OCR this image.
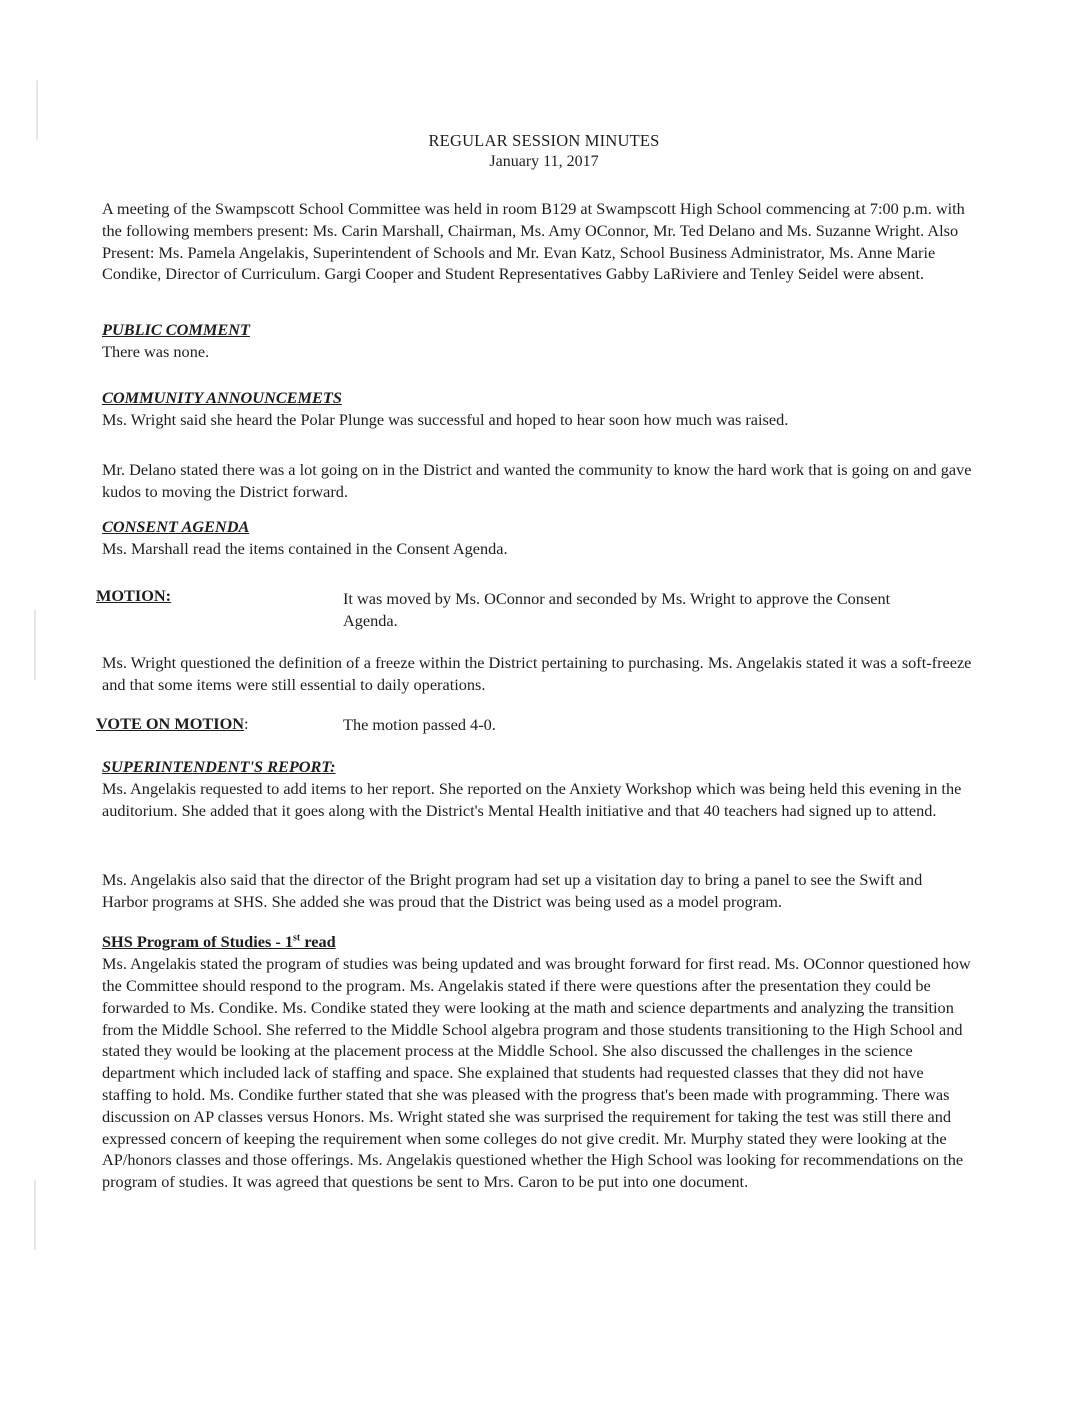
REGULAR SESSION MINUTES
January 11, 2017

A meeting of the Swampscott School Committee was held in room B129 at Swampscott High School commencing at 7:00 p.m. with the following members present: Ms. Carin Marshall, Chairman, Ms. Amy OConnor, Mr. Ted Delano and Ms. Suzanne Wright. Also Present: Ms. Pamela Angelakis, Superintendent of Schools and Mr. Evan Katz, School Business Administrator, Ms. Anne Marie Condike, Director of Curriculum. Gargi Cooper and Student Representatives Gabby LaRiviere and Tenley Seidel were absent.

PUBLIC COMMENT

There was none.

COMMUNITY ANNOUNCEMETS

Ms. Wright said she heard the Polar Plunge was successful and hoped to hear soon how much was raised.

Mr. Delano stated there was a lot going on in the District and wanted the community to know the hard work that is going on and gave kudos to moving the District forward.

CONSENT AGENDA

Ms. Marshall read the items contained in the Consent Agenda.

MOTION:	It was moved by Ms. OConnor and seconded by Ms. Wright to approve the Consent Agenda.
Ms. Wright questioned the definition of a freeze within the District pertaining to purchasing. Ms. Angelakis stated it was a soft-freeze and that some items were still essential to daily operations.
VOTE ON MOTION:	The motion passed 4-0.

SUPERINTENDENT'S REPORT:

Ms. Angelakis requested to add items to her report. She reported on the Anxiety Workshop which was being held this evening in the auditorium. She added that it goes along with the District's Mental Health initiative and that 40 teachers had signed up to attend.

Ms. Angelakis also said that the director of the Bright program had set up a visitation day to bring a panel to see the Swift and Harbor programs at SHS. She added she was proud that the District was being used as a model program.

SHS Program of Studies - 1st read

Ms. Angelakis stated the program of studies was being updated and was brought forward for first read. Ms. OConnor questioned how the Committee should respond to the program. Ms. Angelakis stated if there were questions after the presentation they could be forwarded to Ms. Condike. Ms. Condike stated they were looking at the math and science departments and analyzing the transition from the Middle School. She referred to the Middle School algebra program and those students transitioning to the High School and stated they would be looking at the placement process at the Middle School. She also discussed the challenges in the science department which included lack of staffing and space. She explained that students had requested classes that they did not have staffing to hold. Ms. Condike further stated that she was pleased with the progress that's been made with programming. There was discussion on AP classes versus Honors. Ms. Wright stated she was surprised the requirement for taking the test was still there and expressed concern of keeping the requirement when some colleges do not give credit. Mr. Murphy stated they were looking at the AP/honors classes and those offerings. Ms. Angelakis questioned whether the High School was looking for recommendations on the program of studies. It was agreed that questions be sent to Mrs. Caron to be put into one document.
